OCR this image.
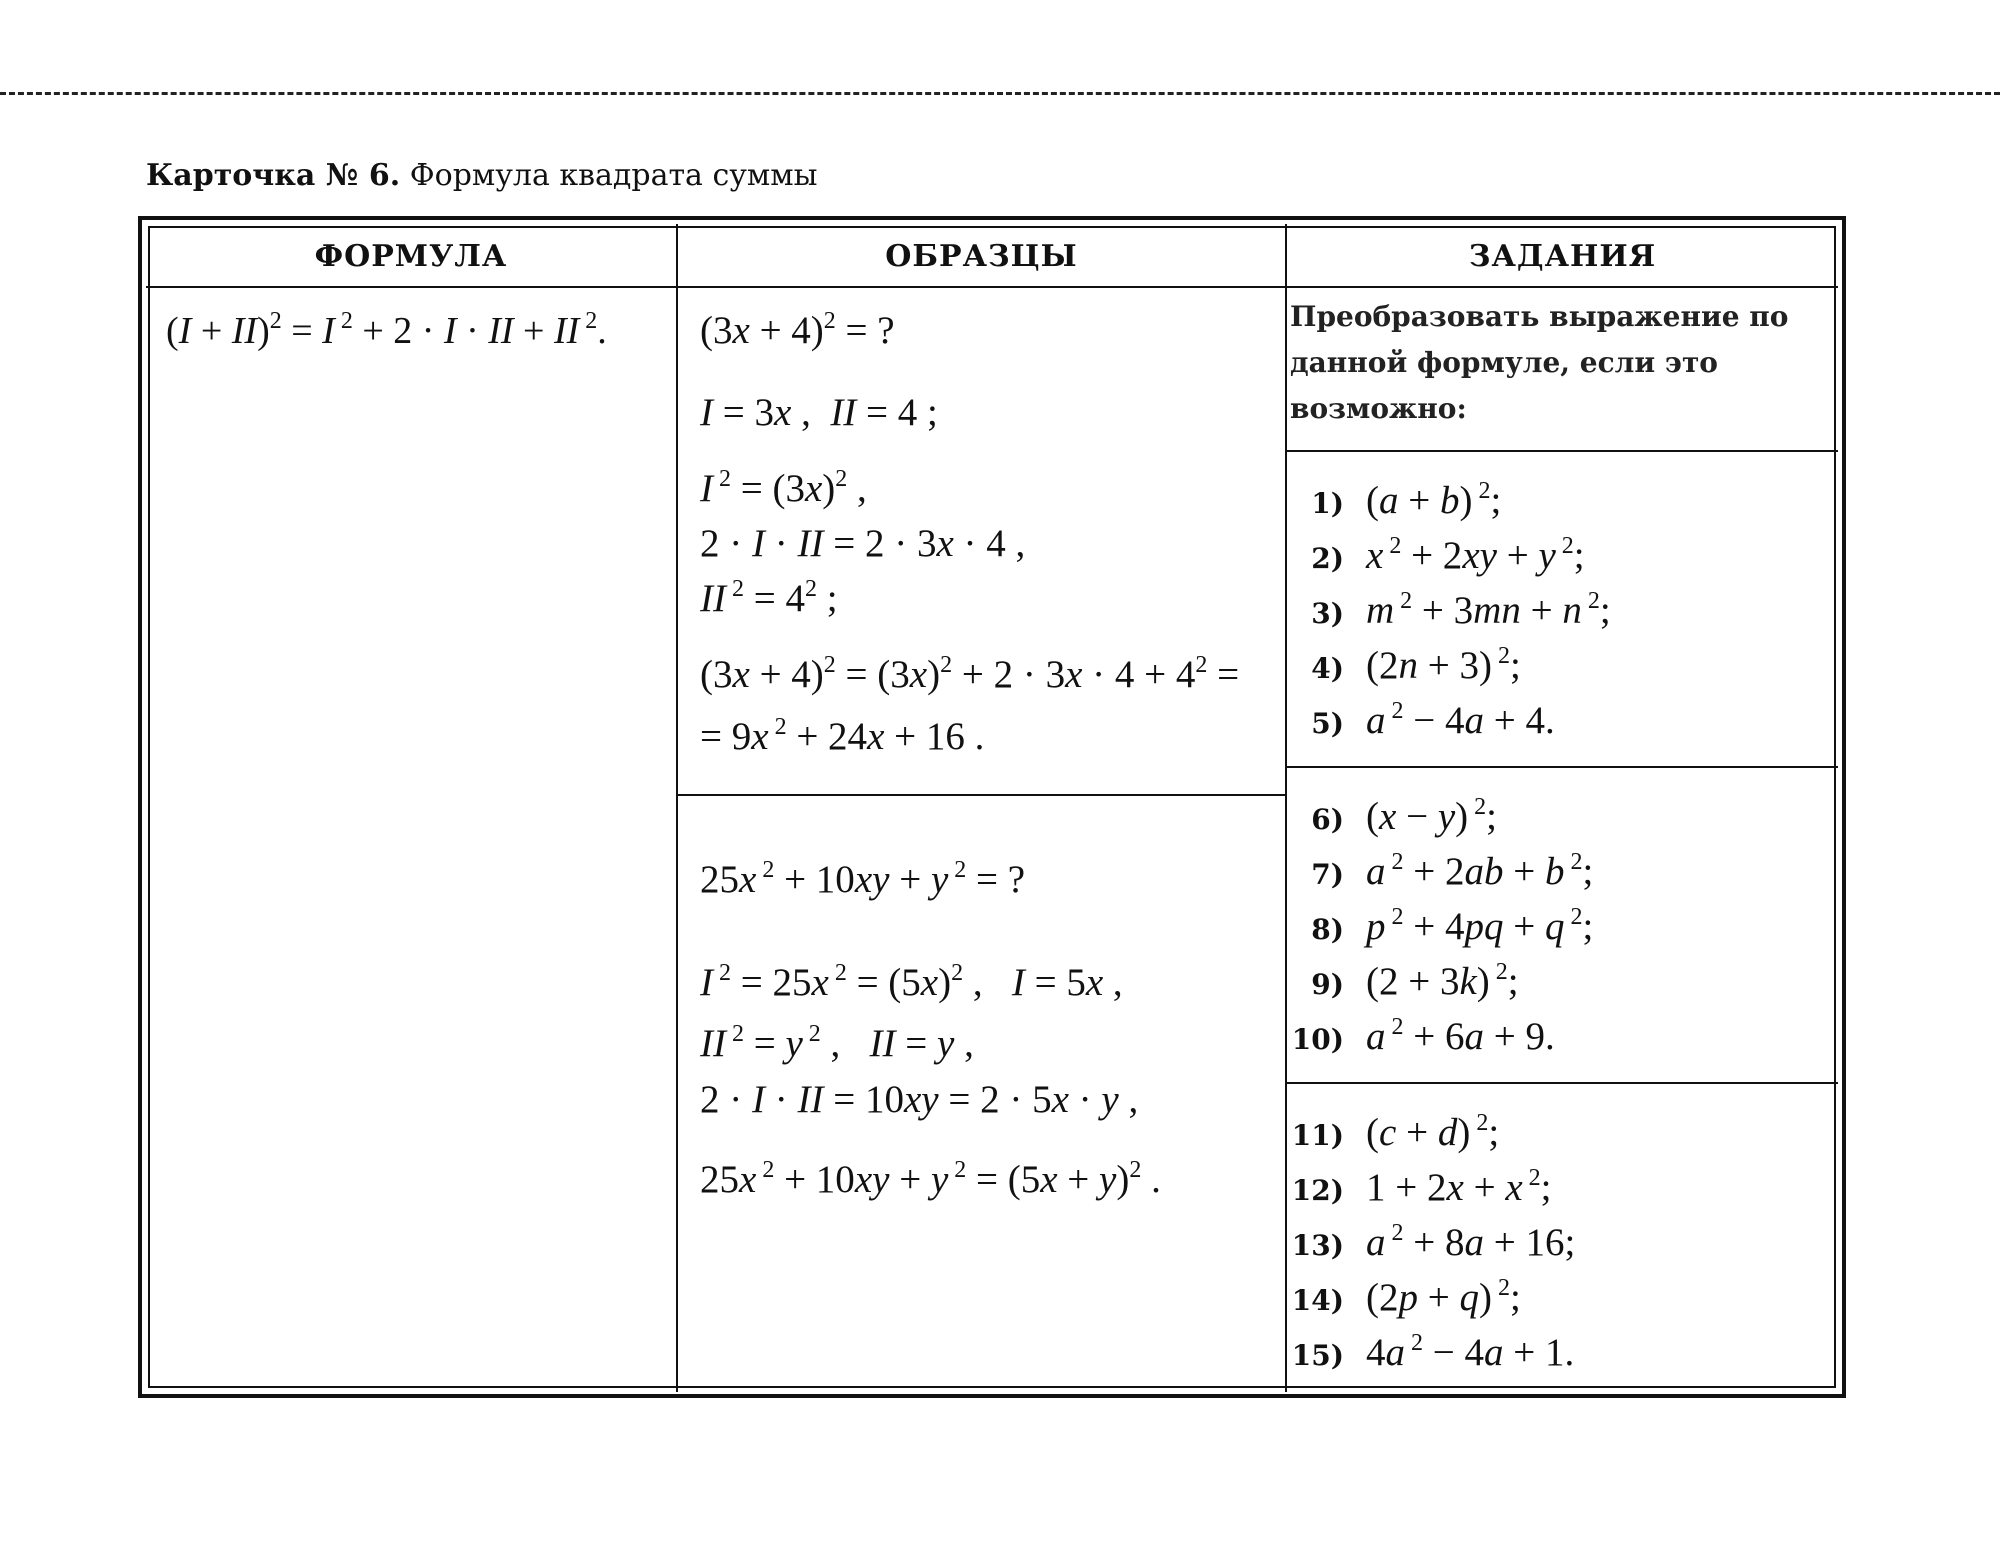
Карточка № 6. Формула квадрата суммы
ФОРМУЛА	ОБРАЗЦЫ	ЗАДАНИЯ
(I + II)$^2$ = I $^2$ + 2 · I · II + II $^2$. $(3x + 4)^2$ = ?
I = 3x ,  II = 4 ;
I $^2 = (3x)^2$ ,
2 · I · II = 2 · 3x · 4 ,
II $^2 = 4^2$ ;
$(3x + 4)^2 = (3x)^2 + 2 \cdot 3x \cdot 4 + 4^2$ =
= 9x $^2$ + 24x + 16 .
25x $^2$ + 10xy + y $^2$ = ?
I $^2$ = 25x $^2 = (5x)^2$ ,   I = 5x ,
II $^2$ = y $^2$ ,   II = y ,
2 · I · II = 10xy = 2 · 5x · y ,
25x $^2$ + 10xy + y $^2 = (5x + y)^2$ .
Преобразовать выражение по данной формуле, если это возможно:
1) (a + b) $^2$;
2) x $^2$ + 2xy + y $^2$;
3) m $^2$ + 3mn + n $^2$;
4) (2n + 3) $^2$;
5) a $^2$ − 4a + 4.
6) (x − y) $^2$;
7) a $^2$ + 2ab + b $^2$;
8) p $^2$ + 4pq + q $^2$;
9) (2 + 3k) $^2$;
10) a $^2$ + 6a + 9.
11) (c + d) $^2$;
12) 1 + 2x + x $^2$;
13) a $^2$ + 8a + 16;
14) (2p + q) $^2$;
15) 4a $^2$ − 4a + 1.
